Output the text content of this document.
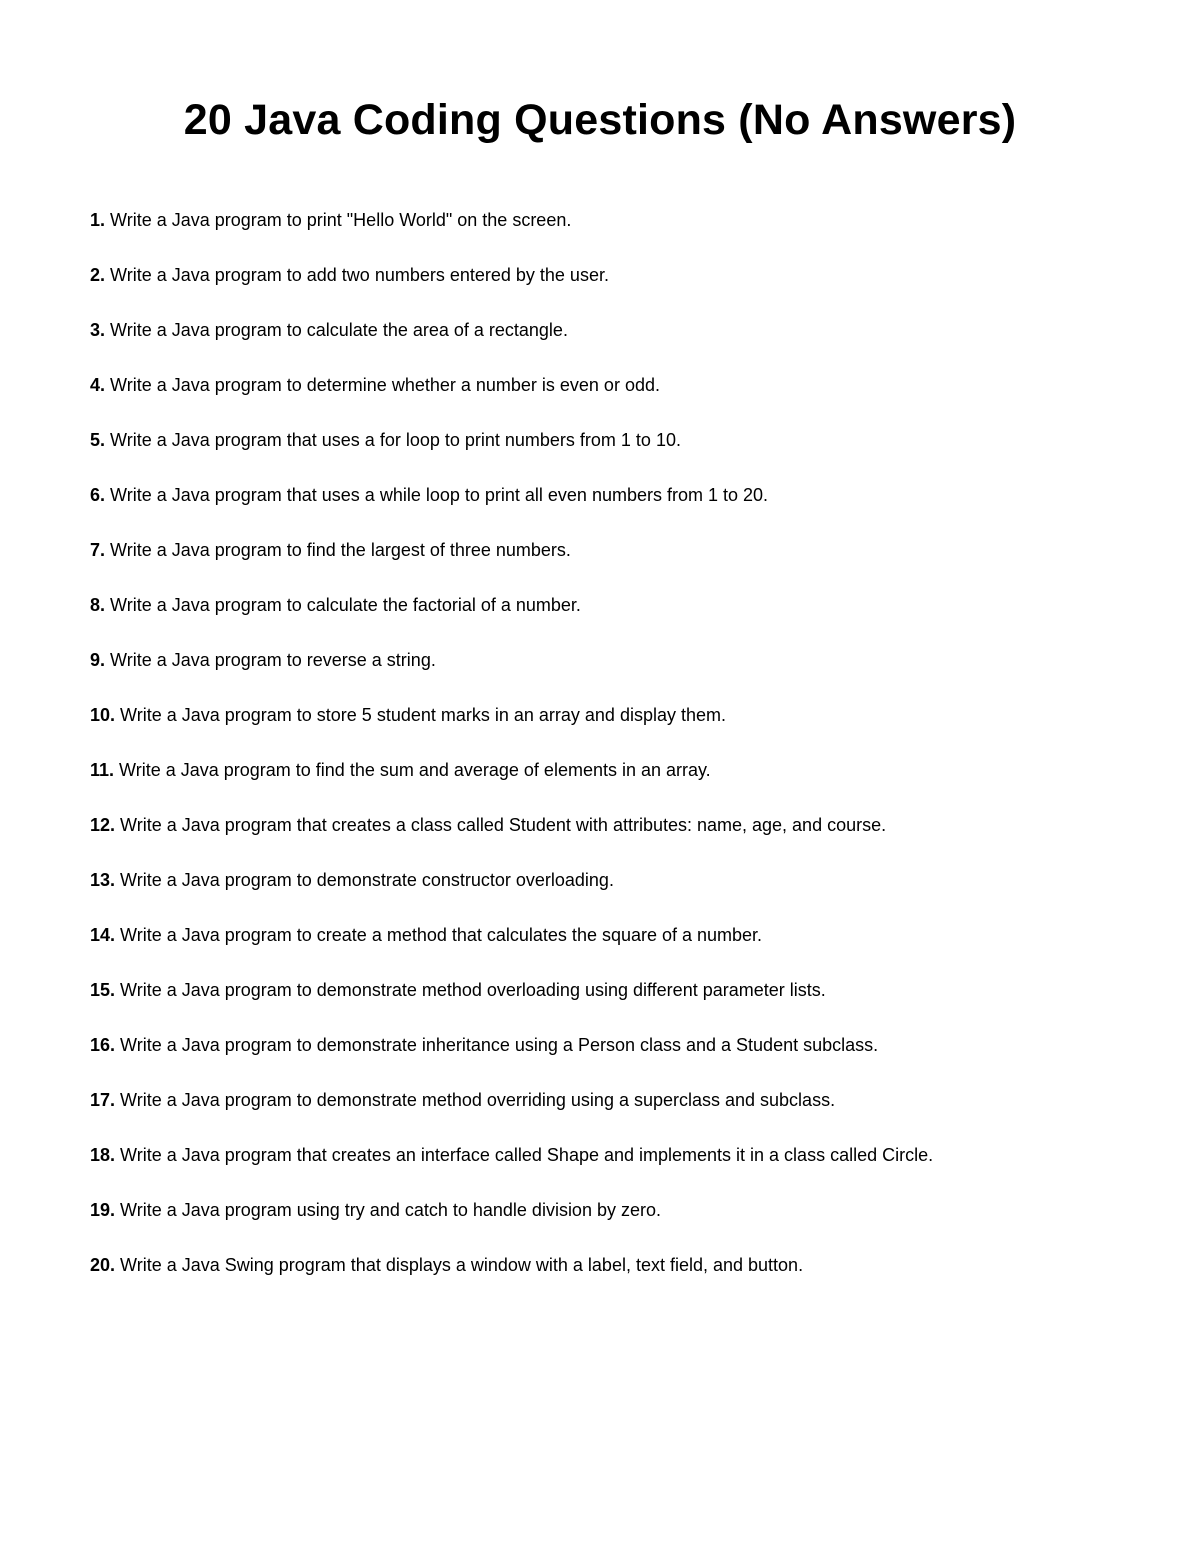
20 Java Coding Questions (No Answers)
1. Write a Java program to print "Hello World" on the screen.
2. Write a Java program to add two numbers entered by the user.
3. Write a Java program to calculate the area of a rectangle.
4. Write a Java program to determine whether a number is even or odd.
5. Write a Java program that uses a for loop to print numbers from 1 to 10.
6. Write a Java program that uses a while loop to print all even numbers from 1 to 20.
7. Write a Java program to find the largest of three numbers.
8. Write a Java program to calculate the factorial of a number.
9. Write a Java program to reverse a string.
10. Write a Java program to store 5 student marks in an array and display them.
11. Write a Java program to find the sum and average of elements in an array.
12. Write a Java program that creates a class called Student with attributes: name, age, and course.
13. Write a Java program to demonstrate constructor overloading.
14. Write a Java program to create a method that calculates the square of a number.
15. Write a Java program to demonstrate method overloading using different parameter lists.
16. Write a Java program to demonstrate inheritance using a Person class and a Student subclass.
17. Write a Java program to demonstrate method overriding using a superclass and subclass.
18. Write a Java program that creates an interface called Shape and implements it in a class called Circle.
19. Write a Java program using try and catch to handle division by zero.
20. Write a Java Swing program that displays a window with a label, text field, and button.
